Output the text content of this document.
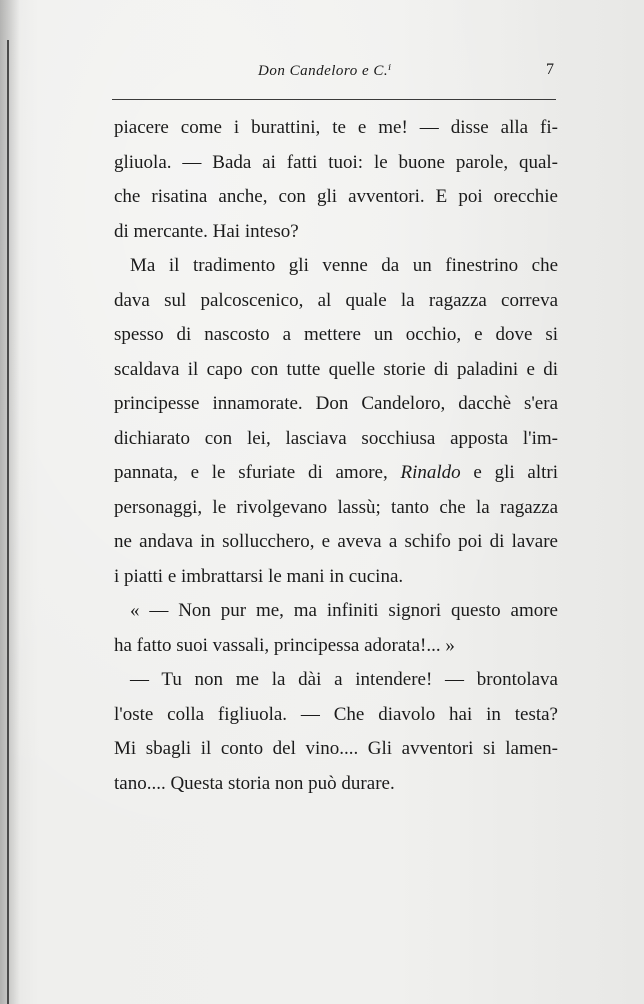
Don Candeloro e C.ⁱ	7
piacere come i burattini, te e me! — disse alla fi-
gliuola. — Bada ai fatti tuoi: le buone parole, qual-
che risatina anche, con gli avventori. E poi orecchie
di mercante. Hai inteso?
Ma il tradimento gli venne da un finestrino che
dava sul palcoscenico, al quale la ragazza correva
spesso di nascosto a mettere un occhio, e dove si
scaldava il capo con tutte quelle storie di paladini e di
principesse innamorate. Don Candeloro, dacchè s'era
dichiarato con lei, lasciava socchiusa apposta l'im-
pannata, e le sfuriate di amore, Rinaldo e gli altri
personaggi, le rivolgevano lassù; tanto che la ragazza
ne andava in sollucchero, e aveva a schifo poi di lavare
i piatti e imbrattarsi le mani in cucina.
« — Non pur me, ma infiniti signori questo amore
ha fatto suoi vassali, principessa adorata!... »
— Tu non me la dài a intendere! — brontolava
l'oste colla figliuola. — Che diavolo hai in testa?
Mi sbagli il conto del vino.... Gli avventori si lamen-
tano.... Questa storia non può durare.
